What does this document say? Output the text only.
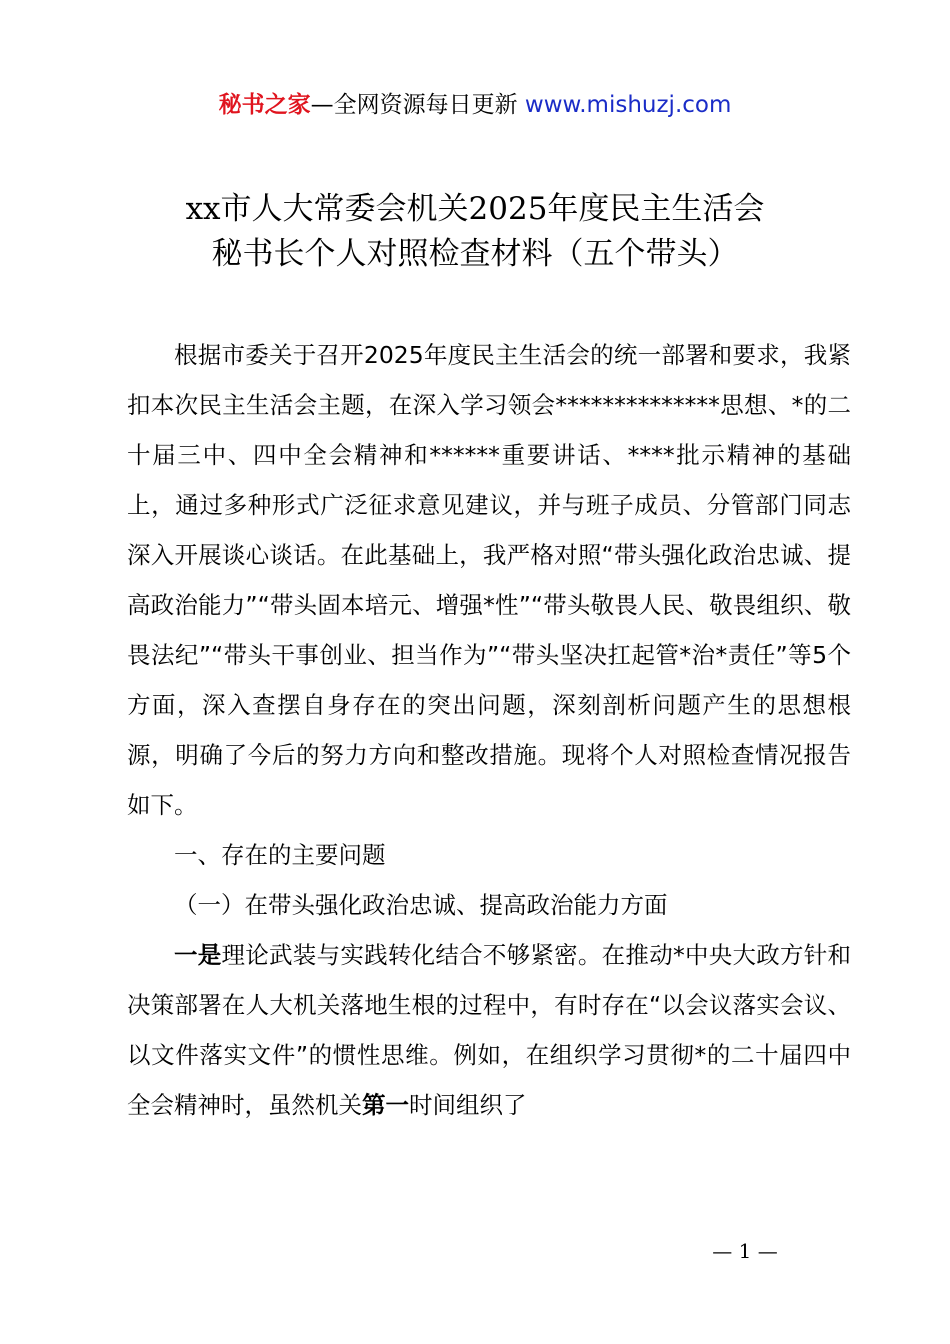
秘书之家—全网资源每日更新 www.mishuzj.com
xx市人大常委会机关2025年度民主生活会
秘书长个人对照检查材料（五个带头）

根据市委关于召开2025年度民主生活会的统一部署和要求，我紧扣本次民主生活会主题，在深入学习领会**************思想、*的二十届三中、四中全会精神和******重要讲话、****批示精神的基础上，通过多种形式广泛征求意见建议，并与班子成员、分管部门同志深入开展谈心谈话。在此基础上，我严格对照“带头强化政治忠诚、提高政治能力”“带头固本培元、增强*性”“带头敬畏人民、敬畏组织、敬畏法纪”“带头干事创业、担当作为”“带头坚决扛起管*治*责任”等5个方面，深入查摆自身存在的突出问题，深刻剖析问题产生的思想根源，明确了今后的努力方向和整改措施。现将个人对照检查情况报告如下。

一、存在的主要问题

（一）在带头强化政治忠诚、提高政治能力方面

一是理论武装与实践转化结合不够紧密。在推动*中央大政方针和决策部署在人大机关落地生根的过程中，有时存在“以会议落实会议、以文件落实文件”的惯性思维。例如，在组织学习贯彻*的二十届四中全会精神时，虽然机关第一时间组织了

— 1 —
